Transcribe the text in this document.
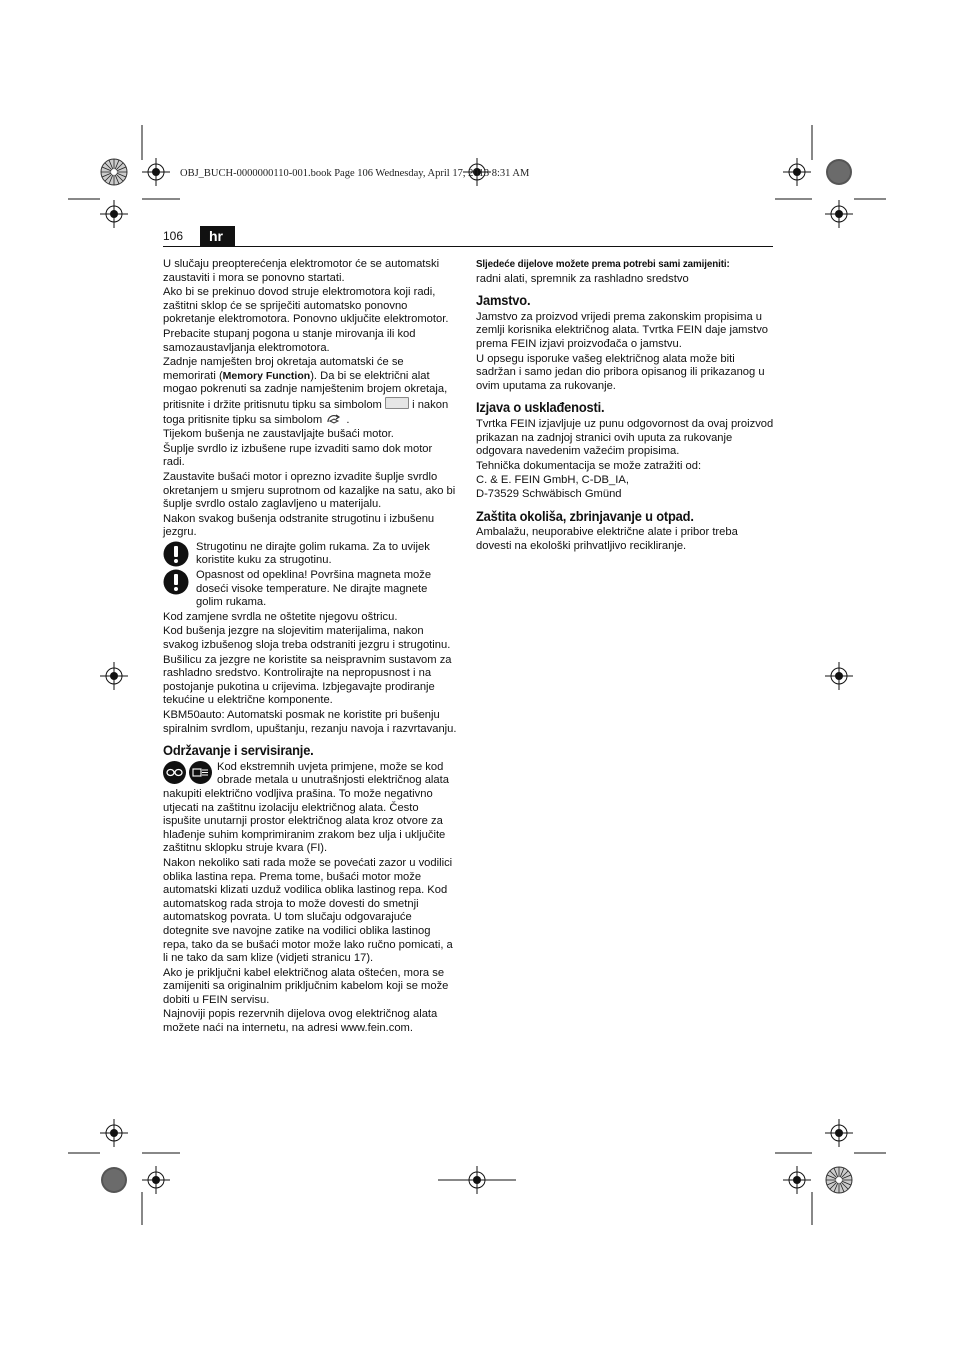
OBJ_BUCH-0000000110-001.book Page 106 Wednesday, April 17, 2013 8:31 AM
106	hr

U slučaju preopterećenja elektromotor će se automatski zaustaviti i mora se ponovno startati.

Ako bi se prekinuo dovod struje elektromotora koji radi, zaštitni sklop će se spriječiti automatsko ponovno pokretanje elektromotora. Ponovno uključite elektromotor.

Prebacite stupanj pogona u stanje mirovanja ili kod samozaustavljanja elektromotora.

Zadnje namješten broj okretaja automatski će se memorirati (Memory Function). Da bi se električni alat mogao pokrenuti sa zadnje namještenim brojem okretaja, pritisnite i držite pritisnutu tipku sa simbolom	i nakon toga pritisnite tipku sa simbolom .

Tijekom bušenja ne zaustavljajte bušaći motor.

Šuplje svrdlo iz izbušene rupe izvaditi samo dok motor radi.

Zaustavite bušaći motor i oprezno izvadite šuplje svrdlo okretanjem u smjeru suprotnom od kazaljke na satu, ako bi šuplje svrdlo ostalo zaglavljeno u materijalu.

Nakon svakog bušenja odstranite strugotinu i izbušenu jezgru.

Strugotinu ne dirajte golim rukama. Za to uvijek koristite kuku za strugotinu.
Opasnost od opeklina! Površina magneta može doseći visoke temperature. Ne dirajte magnete golim rukama.

Kod zamjene svrdla ne oštetite njegovu oštricu.

Kod bušenja jezgre na slojevitim materijalima, nakon svakog izbušenog sloja treba odstraniti jezgru i strugotinu.

Bušilicu za jezgre ne koristite sa neispravnim sustavom za rashladno sredstvo. Kontrolirajte na nepropusnost i na postojanje pukotina u crijevima. Izbjegavajte prodiranje tekućine u električne komponente.

KBM50auto: Automatski posmak ne koristite pri bušenju spiralnim svrdlom, upuštanju, rezanju navoja i razvrtavanju.

Održavanje i servisiranje.

Kod ekstremnih uvjeta primjene, može se kod obrade metala u unutrašnjosti električnog alata nakupiti električno vodljiva prašina. To može negativno utjecati na zaštitnu izolaciju električnog alata. Često ispušite unutarnji prostor električnog alata kroz otvore za hlađenje suhim komprimiranim zrakom bez ulja i uključite zaštitnu sklopku struje kvara (FI).

Nakon nekoliko sati rada može se povećati zazor u vodilici oblika lastina repa. Prema tome, bušaći motor može automatski klizati uzduž vodilica oblika lastinog repa. Kod automatskog rada stroja to može dovesti do smetnji automatskog povrata. U tom slučaju odgovarajuće dotegnite sve navojne zatike na vodilici oblika lastinog repa, tako da se bušaći motor može lako ručno pomicati, a li ne tako da sam klize (vidjeti stranicu 17).

Ako je priključni kabel električnog alata oštećen, mora se zamijeniti sa originalnim priključnim kabelom koji se može dobiti u FEIN servisu.

Najnoviji popis rezervnih dijelova ovog električnog alata možete naći na internetu, na adresi www.fein.com.

Sljedeće dijelove možete prema potrebi sami zamijeniti:

radni alati, spremnik za rashladno sredstvo

Jamstvo.

Jamstvo za proizvod vrijedi prema zakonskim propisima u zemlji korisnika električnog alata. Tvrtka FEIN daje jamstvo prema FEIN izjavi proizvođača o jamstvu.

U opsegu isporuke vašeg električnog alata može biti sadržan i samo jedan dio pribora opisanog ili prikazanog u ovim uputama za rukovanje.

Izjava o usklađenosti.

Tvrtka FEIN izjavljuje uz punu odgovornost da ovaj proizvod prikazan na zadnjoj stranici ovih uputa za rukovanje odgovara navedenim važećim propisima.

Tehnička dokumentacija se može zatražiti od:

C. & E. FEIN GmbH, C-DB_IA,

D-73529 Schwäbisch Gmünd

Zaštita okoliša, zbrinjavanje u otpad.

Ambalažu, neuporabive električne alate i pribor treba dovesti na ekološki prihvatljivo recikliranje.
